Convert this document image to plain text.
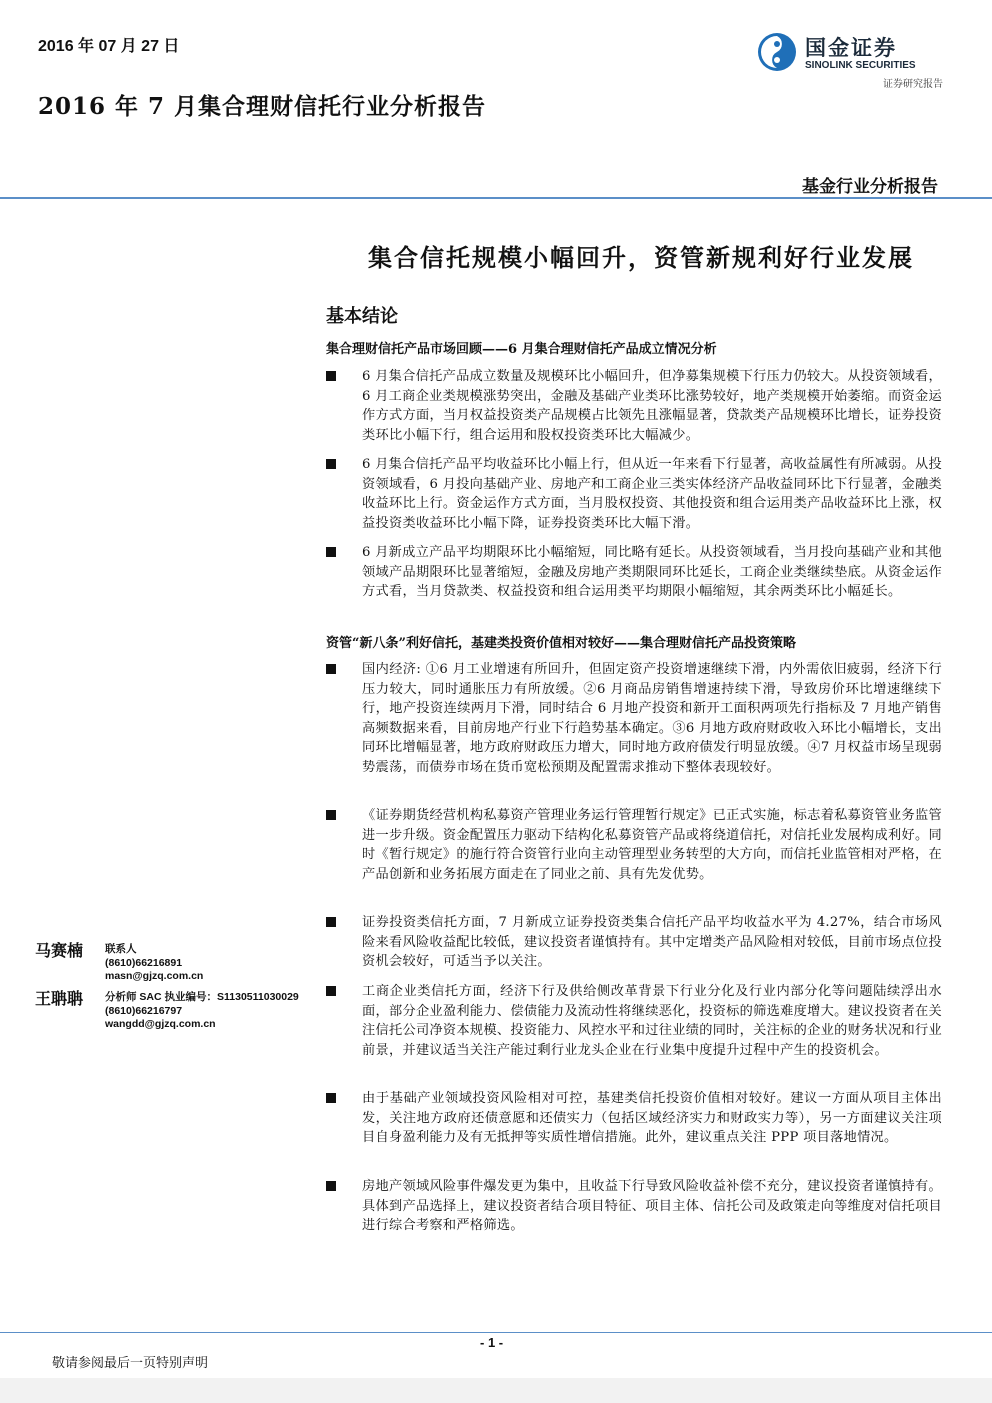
2016 年 07 月 27 日
2016 年 7 月集合理财信托行业分析报告
国金证券
SINOLINK SECURITIES
证券研究报告
基金行业分析报告
集合信托规模小幅回升，资管新规利好行业发展
基本结论
集合理财信托产品市场回顾——6 月集合理财信托产品成立情况分析
6 月集合信托产品成立数量及规模环比小幅回升，但净募集规模下行压力仍较大。从投资领域看，6 月工商企业类规模涨势突出，金融及基础产业类环比涨势较好，地产类规模开始萎缩。而资金运作方式方面，当月权益投资类产品规模占比领先且涨幅显著，贷款类产品规模环比增长，证券投资类环比小幅下行，组合运用和股权投资类环比大幅减少。
6 月集合信托产品平均收益环比小幅上行，但从近一年来看下行显著，高收益属性有所减弱。从投资领域看，6 月投向基础产业、房地产和工商企业三类实体经济产品收益同环比下行显著，金融类收益环比上行。资金运作方式方面，当月股权投资、其他投资和组合运用类产品收益环比上涨，权益投资类收益环比小幅下降，证券投资类环比大幅下滑。
6 月新成立产品平均期限环比小幅缩短，同比略有延长。从投资领域看，当月投向基础产业和其他领域产品期限环比显著缩短，金融及房地产类期限同环比延长，工商企业类继续垫底。从资金运作方式看，当月贷款类、权益投资和组合运用类平均期限小幅缩短，其余两类环比小幅延长。
资管“新八条”利好信托，基建类投资价值相对较好——集合理财信托产品投资策略
国内经济: ①6 月工业增速有所回升，但固定资产投资增速继续下滑，内外需依旧疲弱，经济下行压力较大，同时通胀压力有所放缓。②6 月商品房销售增速持续下滑，导致房价环比增速继续下行，地产投资连续两月下滑，同时结合 6 月地产投资和新开工面积两项先行指标及 7 月地产销售高频数据来看，目前房地产行业下行趋势基本确定。③6 月地方政府财政收入环比小幅增长，支出同环比增幅显著，地方政府财政压力增大，同时地方政府债发行明显放缓。④7 月权益市场呈现弱势震荡，而债券市场在货币宽松预期及配置需求推动下整体表现较好。
《证券期货经营机构私募资产管理业务运行管理暂行规定》已正式实施，标志着私募资管业务监管进一步升级。资金配置压力驱动下结构化私募资管产品或将绕道信托，对信托业发展构成利好。同时《暂行规定》的施行符合资管行业向主动管理型业务转型的大方向，而信托业监管相对严格，在产品创新和业务拓展方面走在了同业之前、具有先发优势。
证券投资类信托方面，7 月新成立证券投资类集合信托产品平均收益水平为 4.27%，结合市场风险来看风险收益配比较低，建议投资者谨慎持有。其中定增类产品风险相对较低，目前市场点位投资机会较好，可适当予以关注。
工商企业类信托方面，经济下行及供给侧改革背景下行业分化及行业内部分化等问题陆续浮出水面，部分企业盈利能力、偿债能力及流动性将继续恶化，投资标的筛选难度增大。建议投资者在关注信托公司净资本规模、投资能力、风控水平和过往业绩的同时，关注标的企业的财务状况和行业前景，并建议适当关注产能过剩行业龙头企业在行业集中度提升过程中产生的投资机会。
由于基础产业领域投资风险相对可控，基建类信托投资价值相对较好。建议一方面从项目主体出发，关注地方政府还债意愿和还债实力（包括区域经济实力和财政实力等），另一方面建议关注项目自身盈利能力及有无抵押等实质性增信措施。此外，建议重点关注 PPP 项目落地情况。
房地产领域风险事件爆发更为集中，且收益下行导致风险收益补偿不充分，建议投资者谨慎持有。具体到产品选择上，建议投资者结合项目特征、项目主体、信托公司及政策走向等维度对信托项目进行综合考察和严格筛选。
马赛楠 联系人
(8610)66216891
masn@gjzq.com.cn
王聃聃 分析师 SAC 执业编号：S1130511030029
(8610)66216797
wangdd@gjzq.com.cn
- 1 -
敬请参阅最后一页特别声明
